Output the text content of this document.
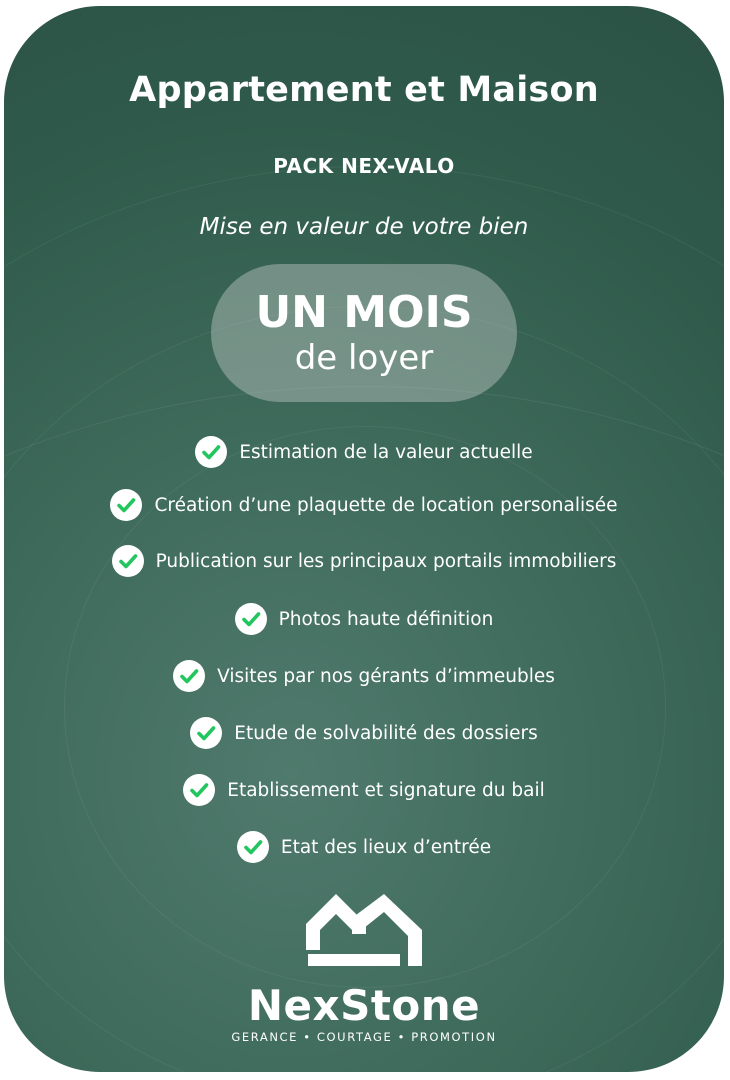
Appartement et Maison
PACK NEX-VALO
Mise en valeur de votre bien
UN MOIS
de loyer
Estimation de la valeur actuelle
Création d’une plaquette de location personalisée
Publication sur les principaux portails immobiliers
Photos haute définition
Visites par nos gérants d’immeubles
Etude de solvabilité des dossiers
Etablissement et signature du bail
Etat des lieux d’entrée
NexStone
GERANCE • COURTAGE • PROMOTION
